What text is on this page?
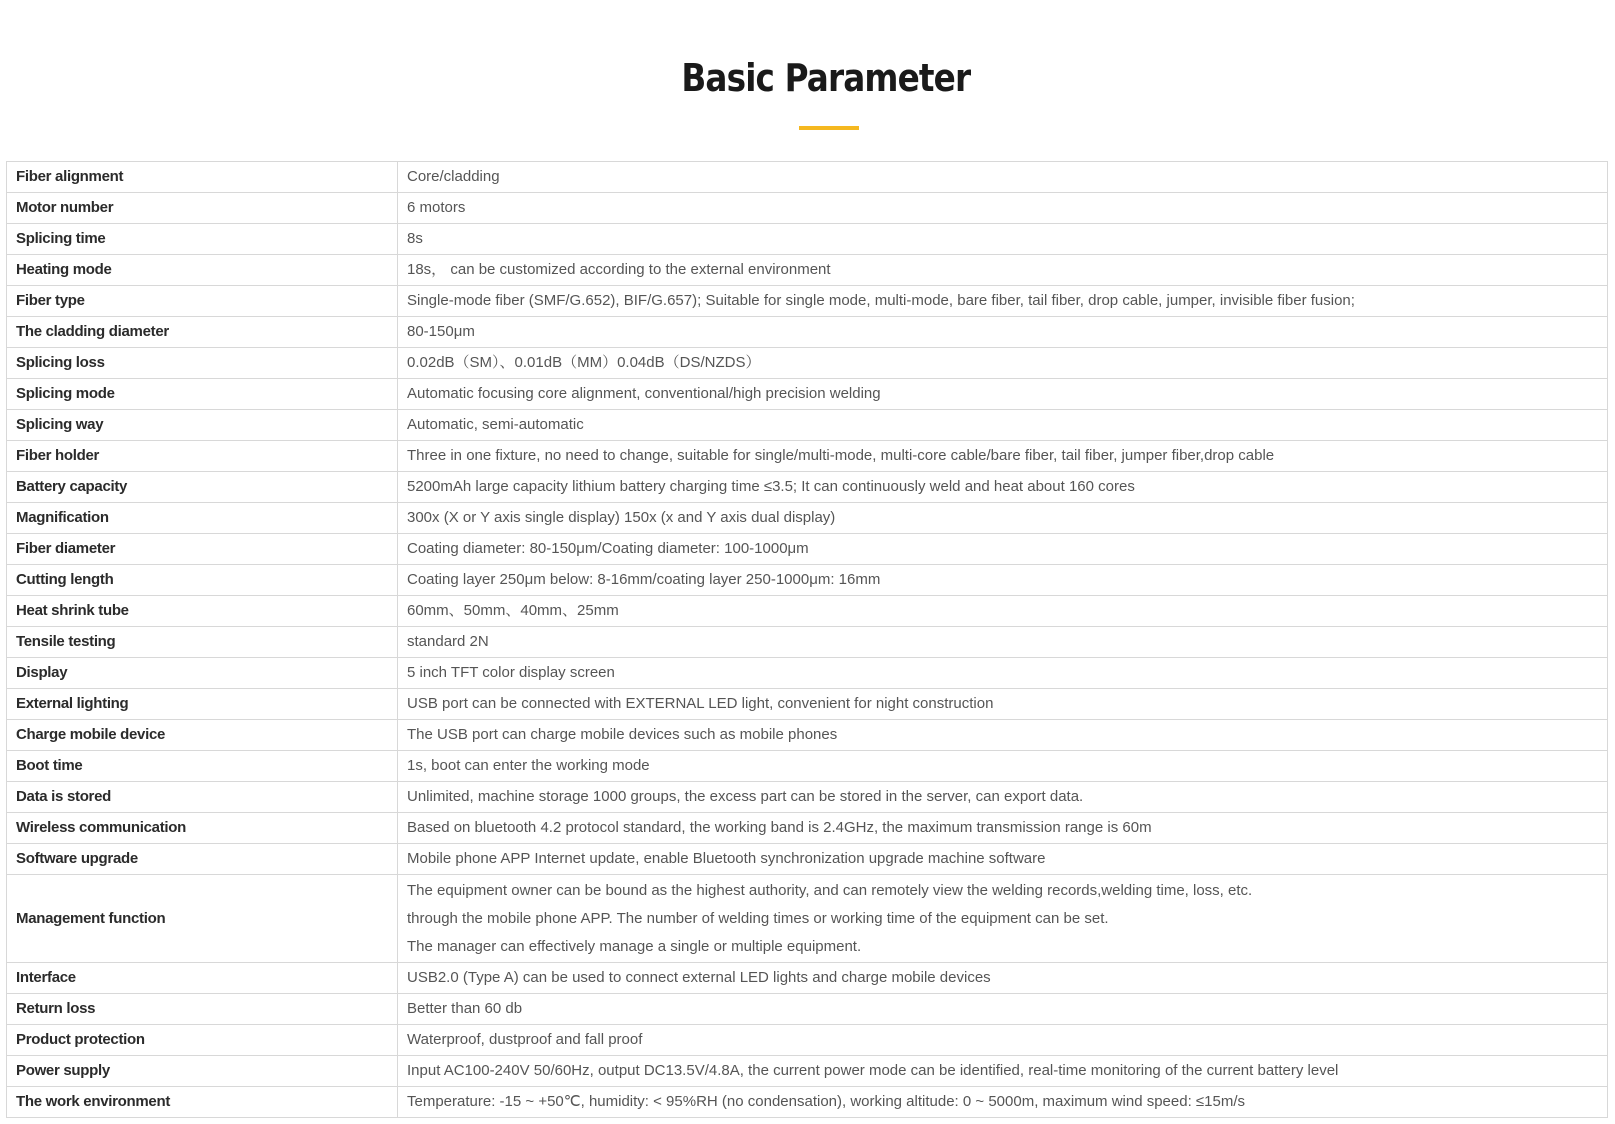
Basic Parameter
Fiber alignment	Core/cladding
Motor number	6 motors
Splicing time	8s
Heating mode	18s， can be customized according to the external environment
Fiber type	Single-mode fiber (SMF/G.652), BIF/G.657); Suitable for single mode, multi-mode, bare fiber, tail fiber, drop cable, jumper, invisible fiber fusion;
The cladding diameter	80-150μm
Splicing loss	0.02dB（SM）、0.01dB（MM）0.04dB（DS/NZDS）
Splicing mode	Automatic focusing core alignment, conventional/high precision welding
Splicing way	Automatic, semi-automatic
Fiber holder	Three in one fixture, no need to change, suitable for single/multi-mode, multi-core cable/bare fiber, tail fiber, jumper fiber,drop cable
Battery capacity	5200mAh large capacity lithium battery charging time ≤3.5; It can continuously weld and heat about 160 cores
Magnification	300x (X or Y axis single display) 150x (x and Y axis dual display)
Fiber diameter	Coating diameter: 80-150μm/Coating diameter: 100-1000μm
Cutting length	Coating layer 250μm below: 8-16mm/coating layer 250-1000μm: 16mm
Heat shrink tube	60mm、50mm、40mm、25mm
Tensile testing	standard 2N
Display	5 inch TFT color display screen
External lighting	USB port can be connected with EXTERNAL LED light, convenient for night construction
Charge mobile device	The USB port can charge mobile devices such as mobile phones
Boot time	1s, boot can enter the working mode
Data is stored	Unlimited, machine storage 1000 groups, the excess part can be stored in the server, can export data.
Wireless communication	Based on bluetooth 4.2 protocol standard, the working band is 2.4GHz, the maximum transmission range is 60m
Software upgrade	Mobile phone APP Internet update, enable Bluetooth synchronization upgrade machine software
Management function	The equipment owner can be bound as the highest authority, and can remotely view the welding records,welding time, loss, etc.
through the mobile phone APP. The number of welding times or working time of the equipment can be set.
The manager can effectively manage a single or multiple equipment.

Interface	USB2.0 (Type A) can be used to connect external LED lights and charge mobile devices
Return loss	Better than 60 db
Product protection	Waterproof, dustproof and fall proof
Power supply	Input AC100-240V 50/60Hz, output DC13.5V/4.8A, the current power mode can be identified, real-time monitoring of the current battery level
The work environment	Temperature: -15 ~ +50℃, humidity: < 95%RH (no condensation), working altitude: 0 ~ 5000m, maximum wind speed: ≤15m/s
